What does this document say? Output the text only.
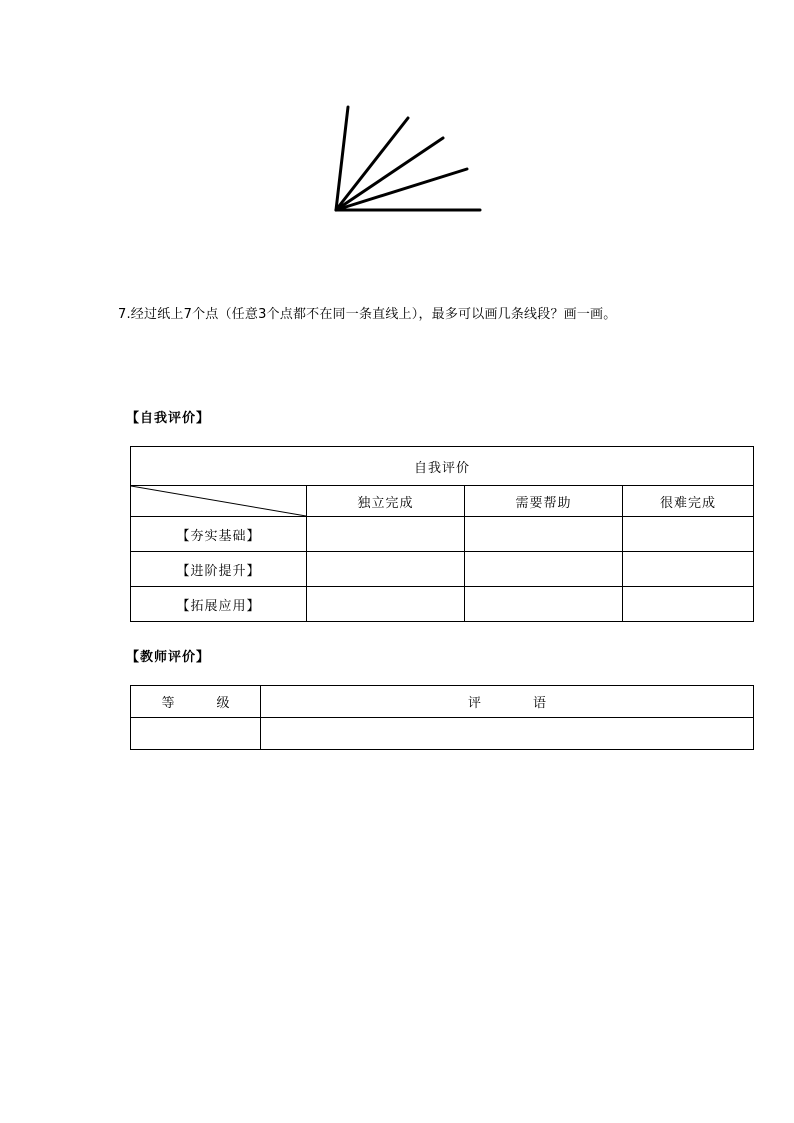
7.经过纸上7个点（任意3个点都不在同一条直线上），最多可以画几条线段？画一画。
【自我评价】
自我评价			

	独立完成	需要帮助	很难完成
【夯实基础】			
【进阶提升】			
【拓展应用】			
【教师评价】
等 级	评 语
